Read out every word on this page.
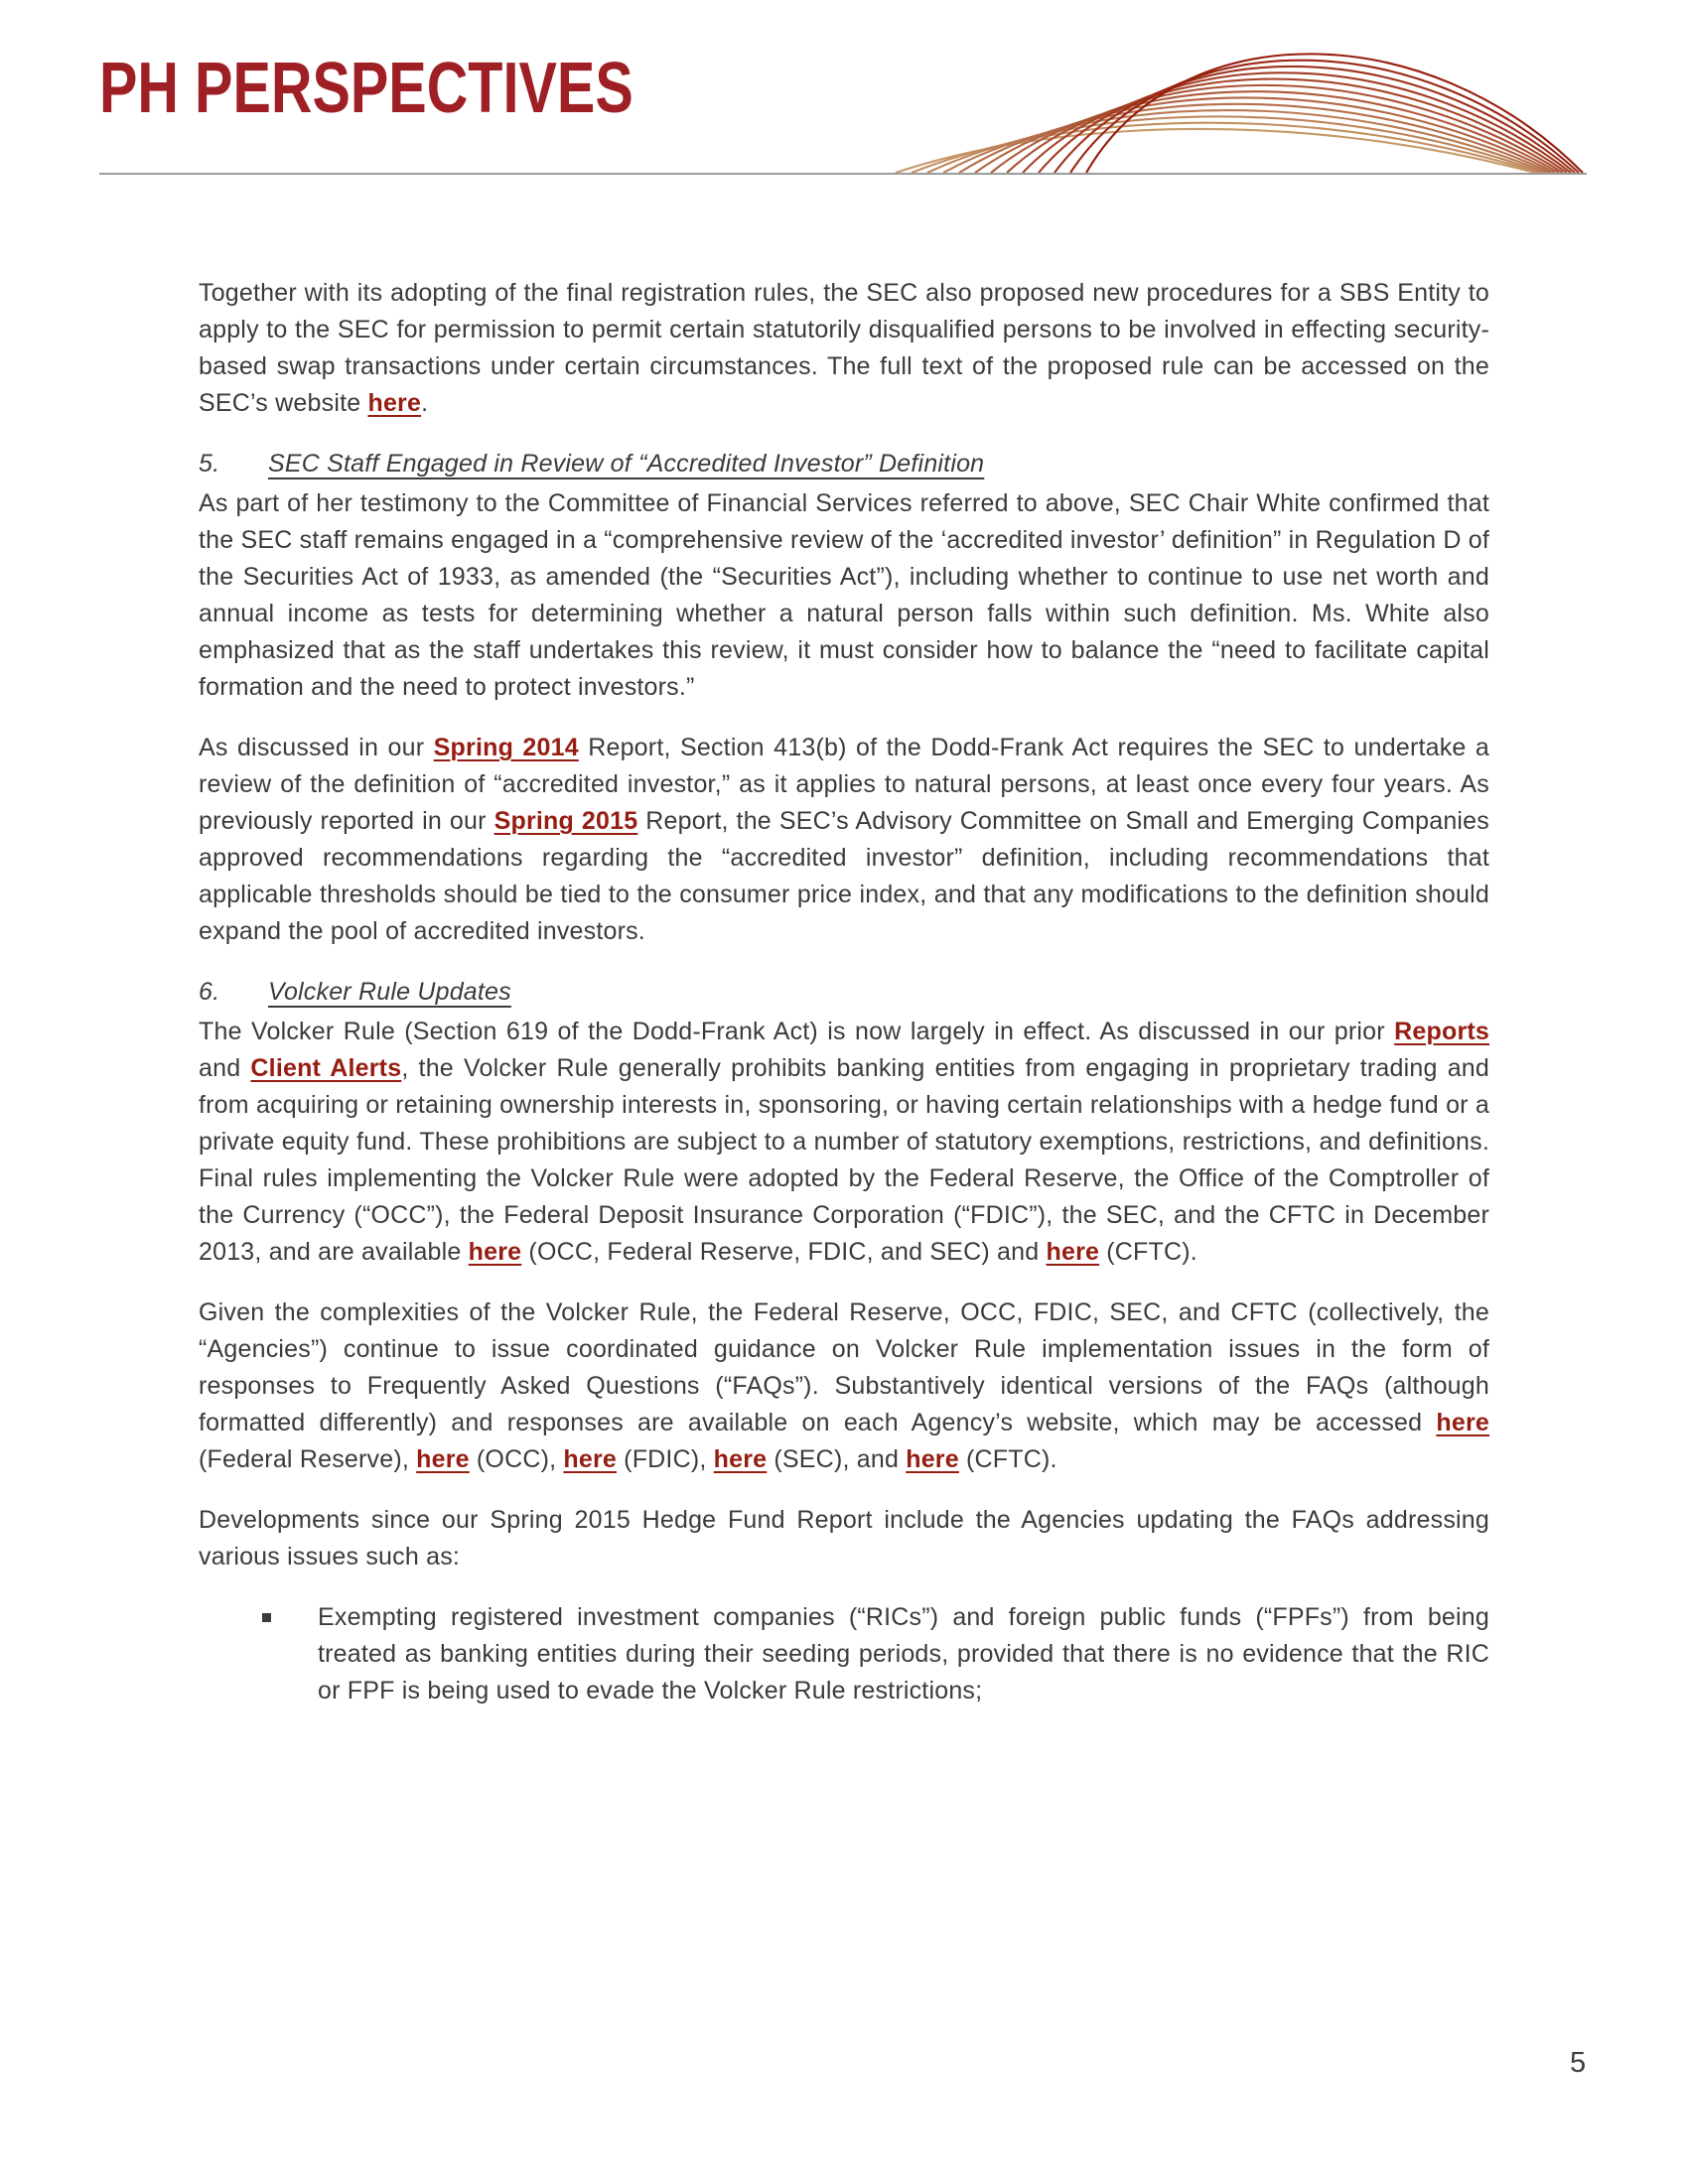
PH PERSPECTIVES
Together with its adopting of the final registration rules, the SEC also proposed new procedures for a SBS Entity to apply to the SEC for permission to permit certain statutorily disqualified persons to be involved in effecting security-based swap transactions under certain circumstances. The full text of the proposed rule can be accessed on the SEC’s website here.
5.	SEC Staff Engaged in Review of “Accredited Investor” Definition
As part of her testimony to the Committee of Financial Services referred to above, SEC Chair White confirmed that the SEC staff remains engaged in a “comprehensive review of the ‘accredited investor’ definition” in Regulation D of the Securities Act of 1933, as amended (the “Securities Act”), including whether to continue to use net worth and annual income as tests for determining whether a natural person falls within such definition. Ms. White also emphasized that as the staff undertakes this review, it must consider how to balance the “need to facilitate capital formation and the need to protect investors.”
As discussed in our Spring 2014 Report, Section 413(b) of the Dodd-Frank Act requires the SEC to undertake a review of the definition of “accredited investor,” as it applies to natural persons, at least once every four years. As previously reported in our Spring 2015 Report, the SEC’s Advisory Committee on Small and Emerging Companies approved recommendations regarding the “accredited investor” definition, including recommendations that applicable thresholds should be tied to the consumer price index, and that any modifications to the definition should expand the pool of accredited investors.
6.	Volcker Rule Updates
The Volcker Rule (Section 619 of the Dodd-Frank Act) is now largely in effect. As discussed in our prior Reports and Client Alerts, the Volcker Rule generally prohibits banking entities from engaging in proprietary trading and from acquiring or retaining ownership interests in, sponsoring, or having certain relationships with a hedge fund or a private equity fund. These prohibitions are subject to a number of statutory exemptions, restrictions, and definitions. Final rules implementing the Volcker Rule were adopted by the Federal Reserve, the Office of the Comptroller of the Currency (“OCC”), the Federal Deposit Insurance Corporation (“FDIC”), the SEC, and the CFTC in December 2013, and are available here (OCC, Federal Reserve, FDIC, and SEC) and here (CFTC).
Given the complexities of the Volcker Rule, the Federal Reserve, OCC, FDIC, SEC, and CFTC (collectively, the “Agencies”) continue to issue coordinated guidance on Volcker Rule implementation issues in the form of responses to Frequently Asked Questions (“FAQs”). Substantively identical versions of the FAQs (although formatted differently) and responses are available on each Agency’s website, which may be accessed here (Federal Reserve), here (OCC), here (FDIC), here (SEC), and here (CFTC).
Developments since our Spring 2015 Hedge Fund Report include the Agencies updating the FAQs addressing various issues such as:
Exempting registered investment companies (“RICs”) and foreign public funds (“FPFs”) from being treated as banking entities during their seeding periods, provided that there is no evidence that the RIC or FPF is being used to evade the Volcker Rule restrictions;
5
